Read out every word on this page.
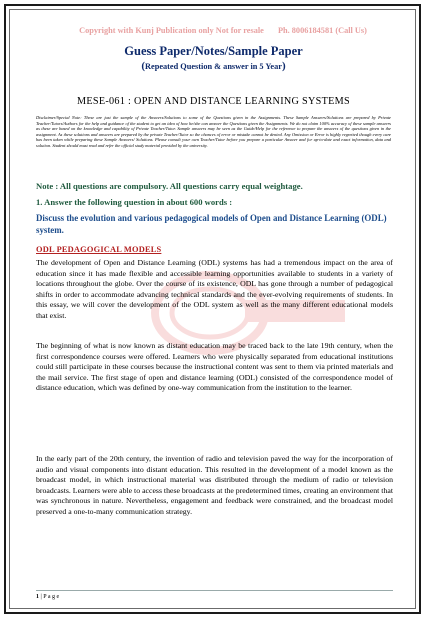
Copyright with Kunj Publication only Not for resale Ph. 8006184581 (Call Us)
Guess Paper/Notes/Sample Paper
(Repeated Question & answer in 5 Year)
MESE-061 : OPEN AND DISTANCE LEARNING SYSTEMS
Disclaimer/Special Note: These are just the sample of the Answers/Solutions to some of the Questions given in the Assignments. These Sample Answers/Solutions are prepared by Private Teacher/Tutors/Authors for the help and guidance of the student to get an idea of how he/she can answer the Questions given the Assignments. We do not claim 100% accuracy of these sample answers as these are based on the knowledge and capability of Private Teacher/Tutor. Sample answers may be seen as the Guide/Help for the reference to prepare the answers of the questions given in the assignment. As these solutions and answers are prepared by the private Teacher/Tutor so the chances of error or mistake cannot be denied. Any Omission or Error is highly regretted though every care has been taken while preparing these Sample Answers/ Solutions. Please consult your own Teacher/Tutor before you prepare a particular Answer and for up-to-date and exact information, data and solution. Student should must read and refer the official study material provided by the university.
Note : All questions are compulsory. All questions carry equal weightage.
1. Answer the following question in about 600 words :
Discuss the evolution and various pedagogical models of Open and Distance Learning (ODL) system.
ODL PEDAGOGICAL MODELS
The development of Open and Distance Learning (ODL) systems has had a tremendous impact on the area of education since it has made flexible and accessible learning opportunities available to students in a variety of locations throughout the globe. Over the course of its existence, ODL has gone through a number of pedagogical shifts in order to accommodate advancing technical standards and the ever-evolving requirements of students. In this essay, we will cover the development of the ODL system as well as the many different educational models that exist.
The beginning of what is now known as distant education may be traced back to the late 19th century, when the first correspondence courses were offered. Learners who were physically separated from educational institutions could still participate in these courses because the instructional content was sent to them via printed materials and the mail service. The first stage of open and distance learning (ODL) consisted of the correspondence model of distance education, which was defined by one-way communication from the institution to the learner.
In the early part of the 20th century, the invention of radio and television paved the way for the incorporation of audio and visual components into distant education. This resulted in the development of a model known as the broadcast model, in which instructional material was distributed through the medium of radio or television broadcasts. Learners were able to access these broadcasts at the predetermined times, creating an environment that was synchronous in nature. Nevertheless, engagement and feedback were constrained, and the broadcast model preserved a one-to-many communication strategy.
1 | P a g e
